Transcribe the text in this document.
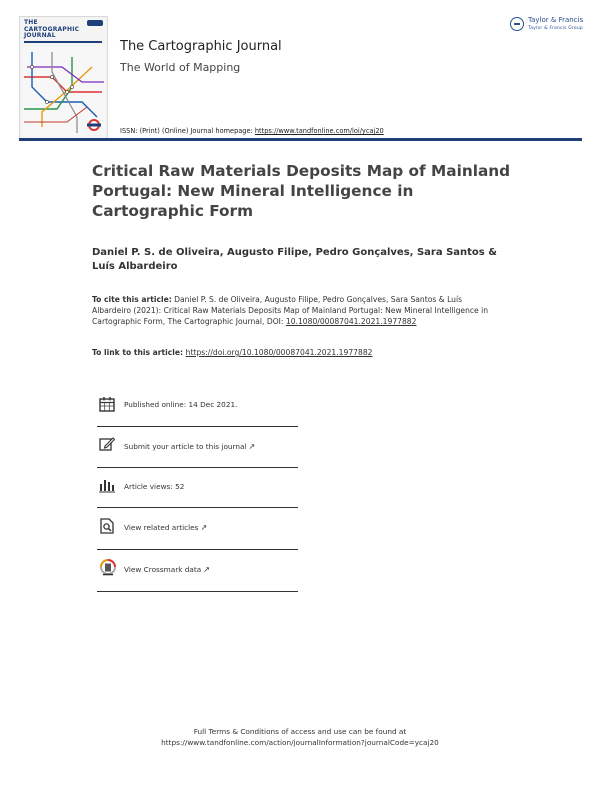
THE
CARTOGRAPHIC
JOURNAL
Taylor & Francis
Taylor & Francis Group
The Cartographic Journal
The World of Mapping
ISSN: (Print) (Online) Journal homepage: https://www.tandfonline.com/loi/ycaj20
Critical Raw Materials Deposits Map of Mainland Portugal: New Mineral Intelligence in Cartographic Form
Daniel P. S. de Oliveira, Augusto Filipe, Pedro Gonçalves, Sara Santos & Luís Albardeiro
To cite this article: Daniel P. S. de Oliveira, Augusto Filipe, Pedro Gonçalves, Sara Santos & Luís Albardeiro (2021): Critical Raw Materials Deposits Map of Mainland Portugal: New Mineral Intelligence in Cartographic Form, The Cartographic Journal, DOI: 10.1080/00087041.2021.1977882
To link to this article: https://doi.org/10.1080/00087041.2021.1977882
Published online: 14 Dec 2021.
Submit your article to this journal ↗
Article views: 52
View related articles ↗
View Crossmark data ↗
Full Terms & Conditions of access and use can be found at
https://www.tandfonline.com/action/journalInformation?journalCode=ycaj20
